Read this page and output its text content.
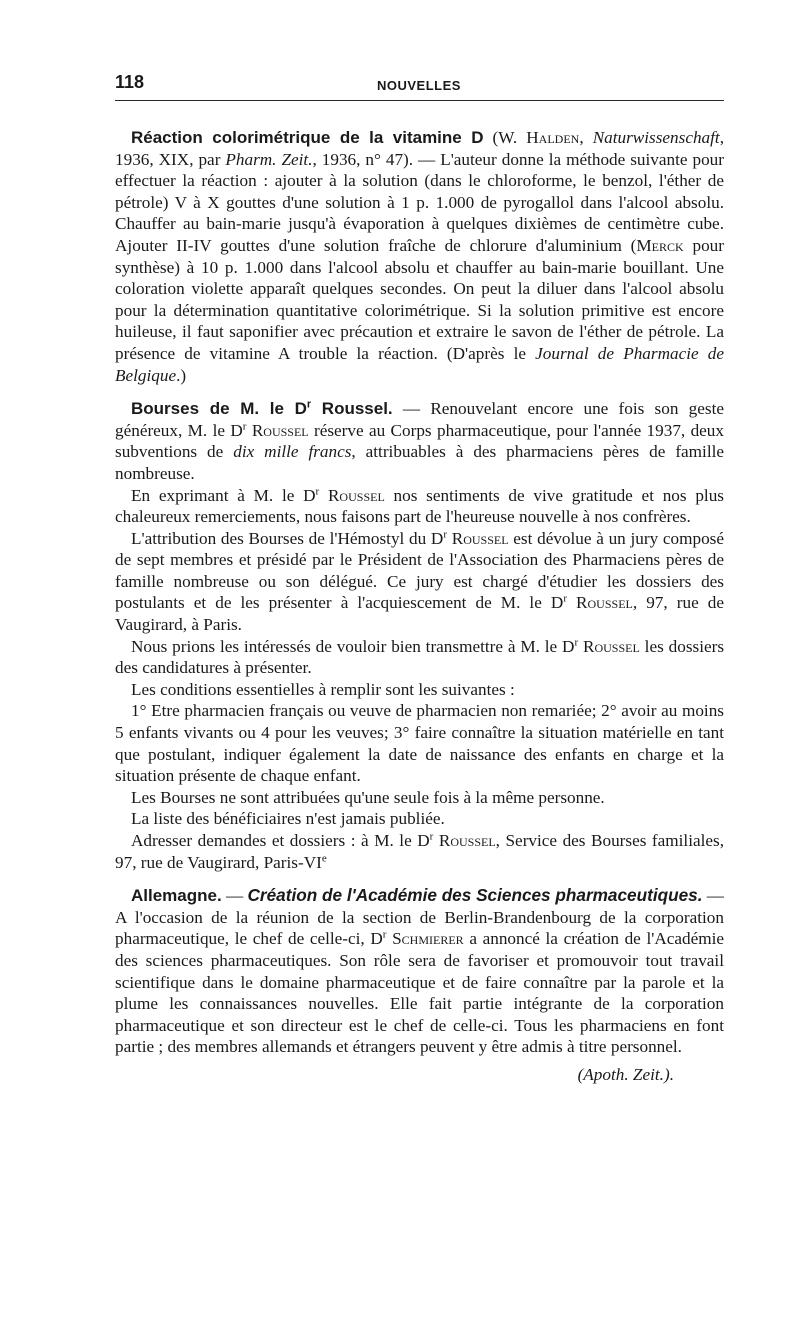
118	NOUVELLES

Réaction colorimétrique de la vitamine D (W. Halden, Naturwissenschaft, 1936, XIX, par Pharm. Zeit., 1936, n° 47). — L'auteur donne la méthode suivante pour effectuer la réaction : ajouter à la solution (dans le chloroforme, le benzol, l'éther de pétrole) V à X gouttes d'une solution à 1 p. 1.000 de pyrogallol dans l'alcool absolu. Chauffer au bain-marie jusqu'à évaporation à quelques dixièmes de centimètre cube. Ajouter II-IV gouttes d'une solution fraîche de chlorure d'aluminium (Merck pour synthèse) à 10 p. 1.000 dans l'alcool absolu et chauffer au bain-marie bouillant. Une coloration violette apparaît quelques secondes. On peut la diluer dans l'alcool absolu pour la détermination quantitative colorimétrique. Si la solution primitive est encore huileuse, il faut saponifier avec précaution et extraire le savon de l'éther de pétrole. La présence de vitamine A trouble la réaction. (D'après le Journal de Pharmacie de Belgique.)

Bourses de M. le $D^r$ Roussel. — Renouvelant encore une fois son geste généreux, M. le $D^r$ Roussel réserve au Corps pharmaceutique, pour l'année 1937, deux subventions de dix mille francs, attribuables à des pharmaciens pères de famille nombreuse.

En exprimant à M. le $D^r$ Roussel nos sentiments de vive gratitude et nos plus chaleureux remerciements, nous faisons part de l'heureuse nouvelle à nos confrères.

L'attribution des Bourses de l'Hémostyl du $D^r$ Roussel est dévolue à un jury composé de sept membres et présidé par le Président de l'Association des Pharmaciens pères de famille nombreuse ou son délégué. Ce jury est chargé d'étudier les dossiers des postulants et de les présenter à l'acquiescement de M. le $D^r$ Roussel, 97, rue de Vaugirard, à Paris.

Nous prions les intéressés de vouloir bien transmettre à M. le $D^r$ Roussel les dossiers des candidatures à présenter.

Les conditions essentielles à remplir sont les suivantes :

1° Etre pharmacien français ou veuve de pharmacien non remariée; 2° avoir au moins 5 enfants vivants ou 4 pour les veuves; 3° faire connaître la situation matérielle en tant que postulant, indiquer également la date de naissance des enfants en charge et la situation présente de chaque enfant.

Les Bourses ne sont attribuées qu'une seule fois à la même personne.

La liste des bénéficiaires n'est jamais publiée.

Adresser demandes et dossiers : à M. le $D^r$ Roussel, Service des Bourses familiales, 97, rue de Vaugirard, Paris-VIe

Allemagne. — Création de l'Académie des Sciences pharmaceutiques. — A l'occasion de la réunion de la section de Berlin-Brandenbourg de la corporation pharmaceutique, le chef de celle-ci, $D^r$ Schmierer a annoncé la création de l'Académie des sciences pharmaceutiques. Son rôle sera de favoriser et promouvoir tout travail scientifique dans le domaine pharmaceutique et de faire connaître par la parole et la plume les connaissances nouvelles. Elle fait partie intégrante de la corporation pharmaceutique et son directeur est le chef de celle-ci. Tous les pharmaciens en font partie ; des membres allemands et étrangers peuvent y être admis à titre personnel.

(Apoth. Zeit.).
